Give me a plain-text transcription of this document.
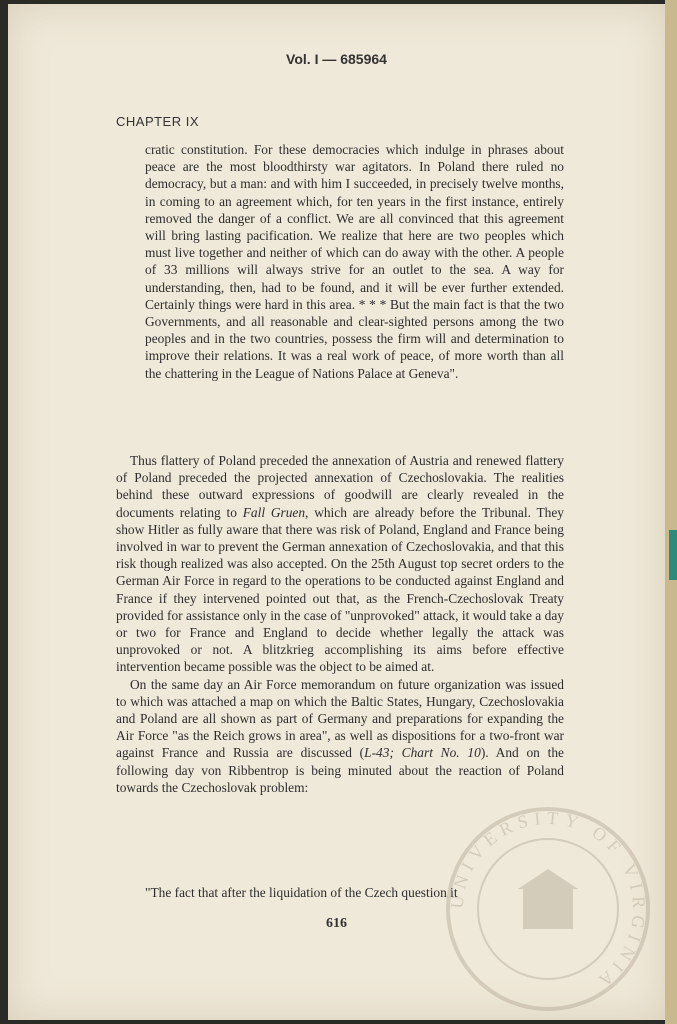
Vol. I — 685964
CHAPTER IX

cratic constitution. For these democracies which indulge in phrases about peace are the most bloodthirsty war agitators. In Poland there ruled no democracy, but a man: and with him I succeeded, in precisely twelve months, in coming to an agreement which, for ten years in the first instance, entirely removed the danger of a conflict. We are all convinced that this agreement will bring lasting pacification. We realize that here are two peoples which must live together and neither of which can do away with the other. A people of 33 millions will always strive for an outlet to the sea. A way for understanding, then, had to be found, and it will be ever further extended. Certainly things were hard in this area. * * * But the main fact is that the two Governments, and all reasonable and clear-sighted persons among the two peoples and in the two countries, possess the firm will and determination to improve their relations. It was a real work of peace, of more worth than all the chattering in the League of Nations Palace at Geneva".

Thus flattery of Poland preceded the annexation of Austria and renewed flattery of Poland preceded the projected annexation of Czechoslovakia. The realities behind these outward expressions of goodwill are clearly revealed in the documents relating to Fall Gruen, which are already before the Tribunal. They show Hitler as fully aware that there was risk of Poland, England and France being involved in war to prevent the German annexation of Czechoslovakia, and that this risk though realized was also accepted. On the 25th August top secret orders to the German Air Force in regard to the operations to be conducted against England and France if they intervened pointed out that, as the French-Czechoslovak Treaty provided for assistance only in the case of "unprovoked" attack, it would take a day or two for France and England to decide whether legally the attack was unprovoked or not. A blitzkrieg accomplishing its aims before effective intervention became possible was the object to be aimed at.

On the same day an Air Force memorandum on future organization was issued to which was attached a map on which the Baltic States, Hungary, Czechoslovakia and Poland are all shown as part of Germany and preparations for expanding the Air Force "as the Reich grows in area", as well as dispositions for a two-front war against France and Russia are discussed (L-43; Chart No. 10). And on the following day von Ribbentrop is being minuted about the reaction of Poland towards the Czechoslovak problem:

"The fact that after the liquidation of the Czech question it
616
UNIVERSITY OF VIRGINIA
